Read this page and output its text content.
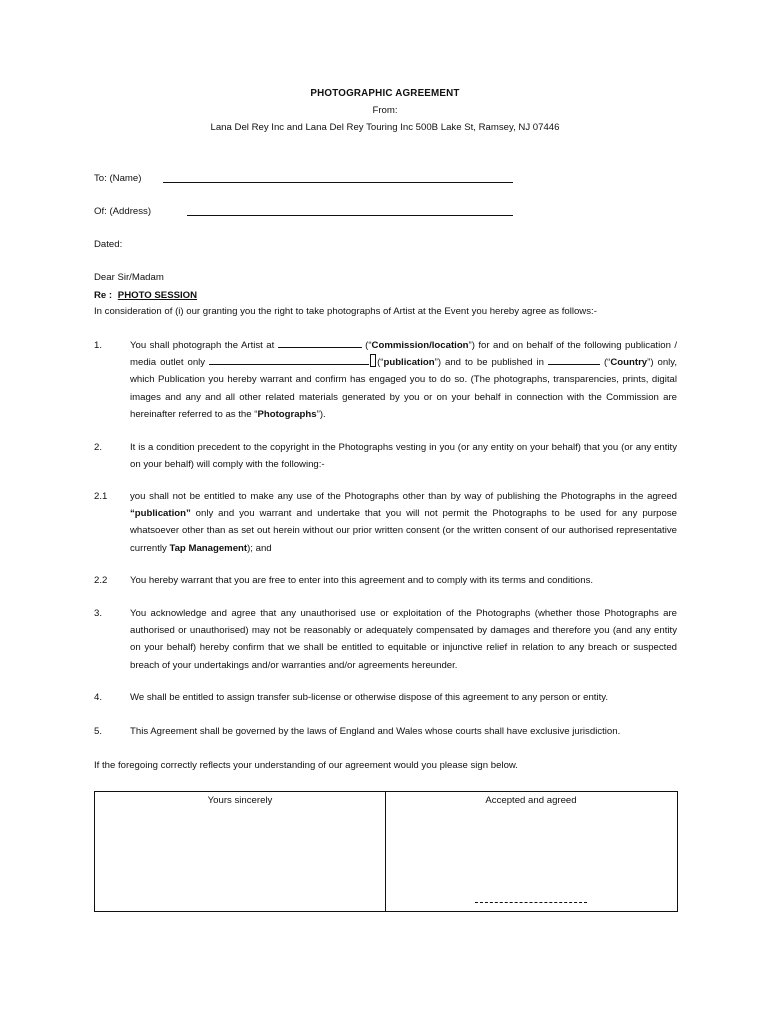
PHOTOGRAPHIC AGREEMENT
From:
Lana Del Rey Inc and Lana Del Rey Touring Inc 500B Lake St, Ramsey, NJ 07446
To: (Name)
Of: (Address)
Dated:
Dear Sir/Madam
Re : PHOTO SESSION
In consideration of (i) our granting you the right to take photographs of Artist at the Event you hereby agree as follows:-
1.	You shall photograph the Artist at	(“Commission/location”) for and on behalf of the following publication / media outlet only	(“publication”) and to be published in	(“Country”) only, which Publication you hereby warrant and confirm has engaged you to do so. (The photographs, transparencies, prints, digital images and any and all other related materials generated by you or on your behalf in connection with the Commission are hereinafter referred to as the “Photographs”).
2.	It is a condition precedent to the copyright in the Photographs vesting in you (or any entity on your behalf) that you (or any entity on your behalf) will comply with the following:-
2.1 you shall not be entitled to make any use of the Photographs other than by way of publishing the Photographs in the agreed “publication” only and you warrant and undertake that you will not permit the Photographs to be used for any purpose whatsoever other than as set out herein without our prior written consent (or the written consent of our authorised representative currently Tap Management); and
2.2 You hereby warrant that you are free to enter into this agreement and to comply with its terms and conditions.
3.	You acknowledge and agree that any unauthorised use or exploitation of the Photographs (whether those Photographs are authorised or unauthorised) may not be reasonably or adequately compensated by damages and therefore you (and any entity on your behalf) hereby confirm that we shall be entitled to equitable or injunctive relief in relation to any breach or suspected breach of your undertakings and/or warranties and/or agreements hereunder.
4.	We shall be entitled to assign transfer sub-license or otherwise dispose of this agreement to any person or entity.
5.	This Agreement shall be governed by the laws of England and Wales whose courts shall have exclusive jurisdiction.
If the foregoing correctly reflects your understanding of our agreement would you please sign below.
Yours sincerely	Accepted and agreed
